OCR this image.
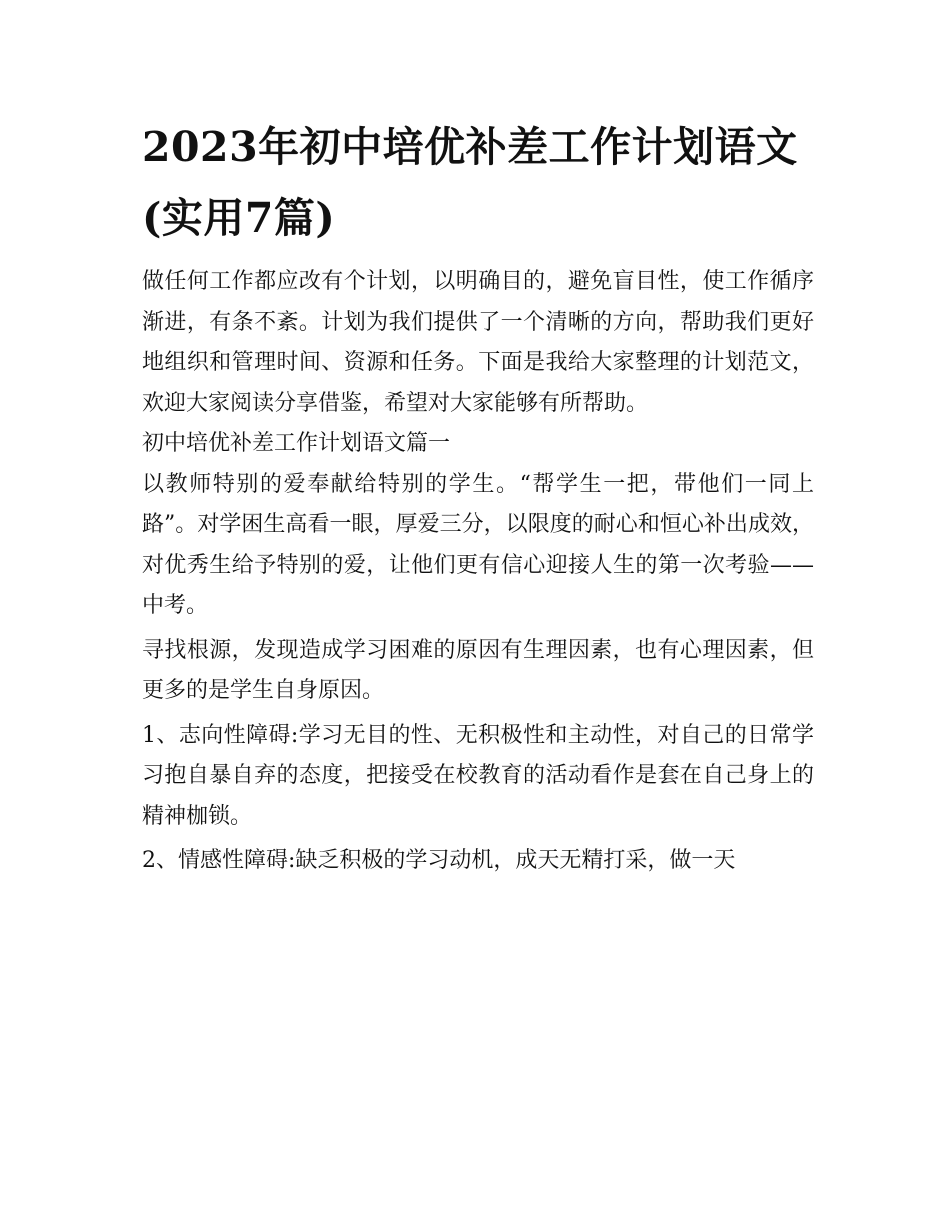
2023年初中培优补差工作计划语文(实用7篇)

做任何工作都应改有个计划，以明确目的，避免盲目性，使工作循序渐进，有条不紊。计划为我们提供了一个清晰的方向，帮助我们更好地组织和管理时间、资源和任务。下面是我给大家整理的计划范文，欢迎大家阅读分享借鉴，希望对大家能够有所帮助。

初中培优补差工作计划语文篇一

以教师特别的爱奉献给特别的学生。“帮学生一把，带他们一同上路”。对学困生高看一眼，厚爱三分，以限度的耐心和恒心补出成效，对优秀生给予特别的爱，让他们更有信心迎接人生的第一次考验——中考。

寻找根源，发现造成学习困难的原因有生理因素，也有心理因素，但更多的是学生自身原因。

1、志向性障碍:学习无目的性、无积极性和主动性，对自己的日常学习抱自暴自弃的态度，把接受在校教育的活动看作是套在自己身上的精神枷锁。

2、情感性障碍:缺乏积极的学习动机，成天无精打采，做一天
